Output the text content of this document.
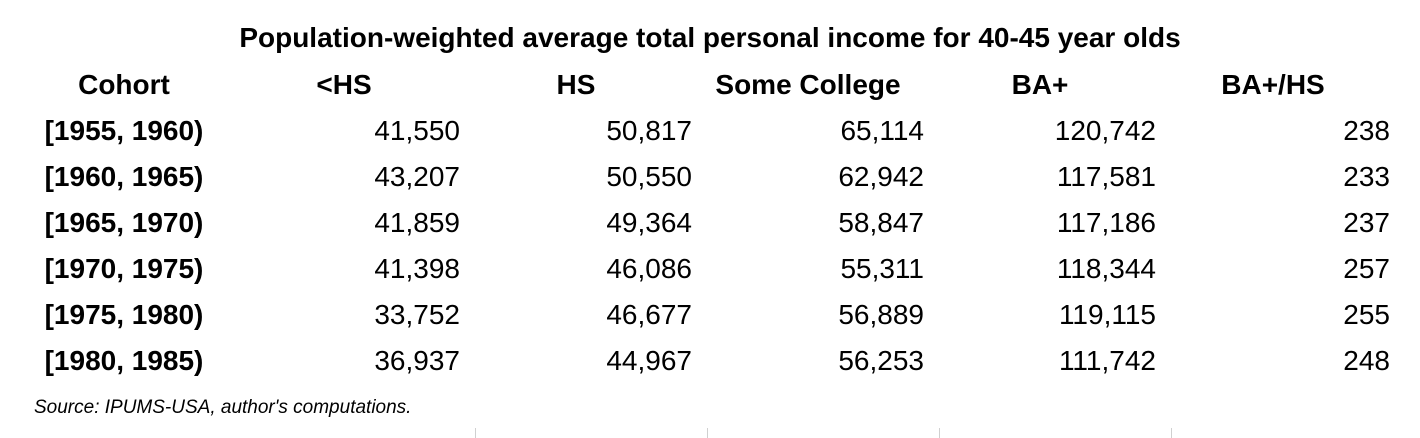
Population-weighted average total personal income for 40-45 year olds
Cohort	<HS	HS	Some College	BA+	BA+/HS
[1955, 1960)	41,550	50,817	65,114	120,742	238
[1960, 1965)	43,207	50,550	62,942	117,581	233
[1965, 1970)	41,859	49,364	58,847	117,186	237
[1970, 1975)	41,398	46,086	55,311	118,344	257
[1975, 1980)	33,752	46,677	56,889	119,115	255
[1980, 1985)	36,937	44,967	56,253	111,742	248
Source: IPUMS-USA, author's computations.
